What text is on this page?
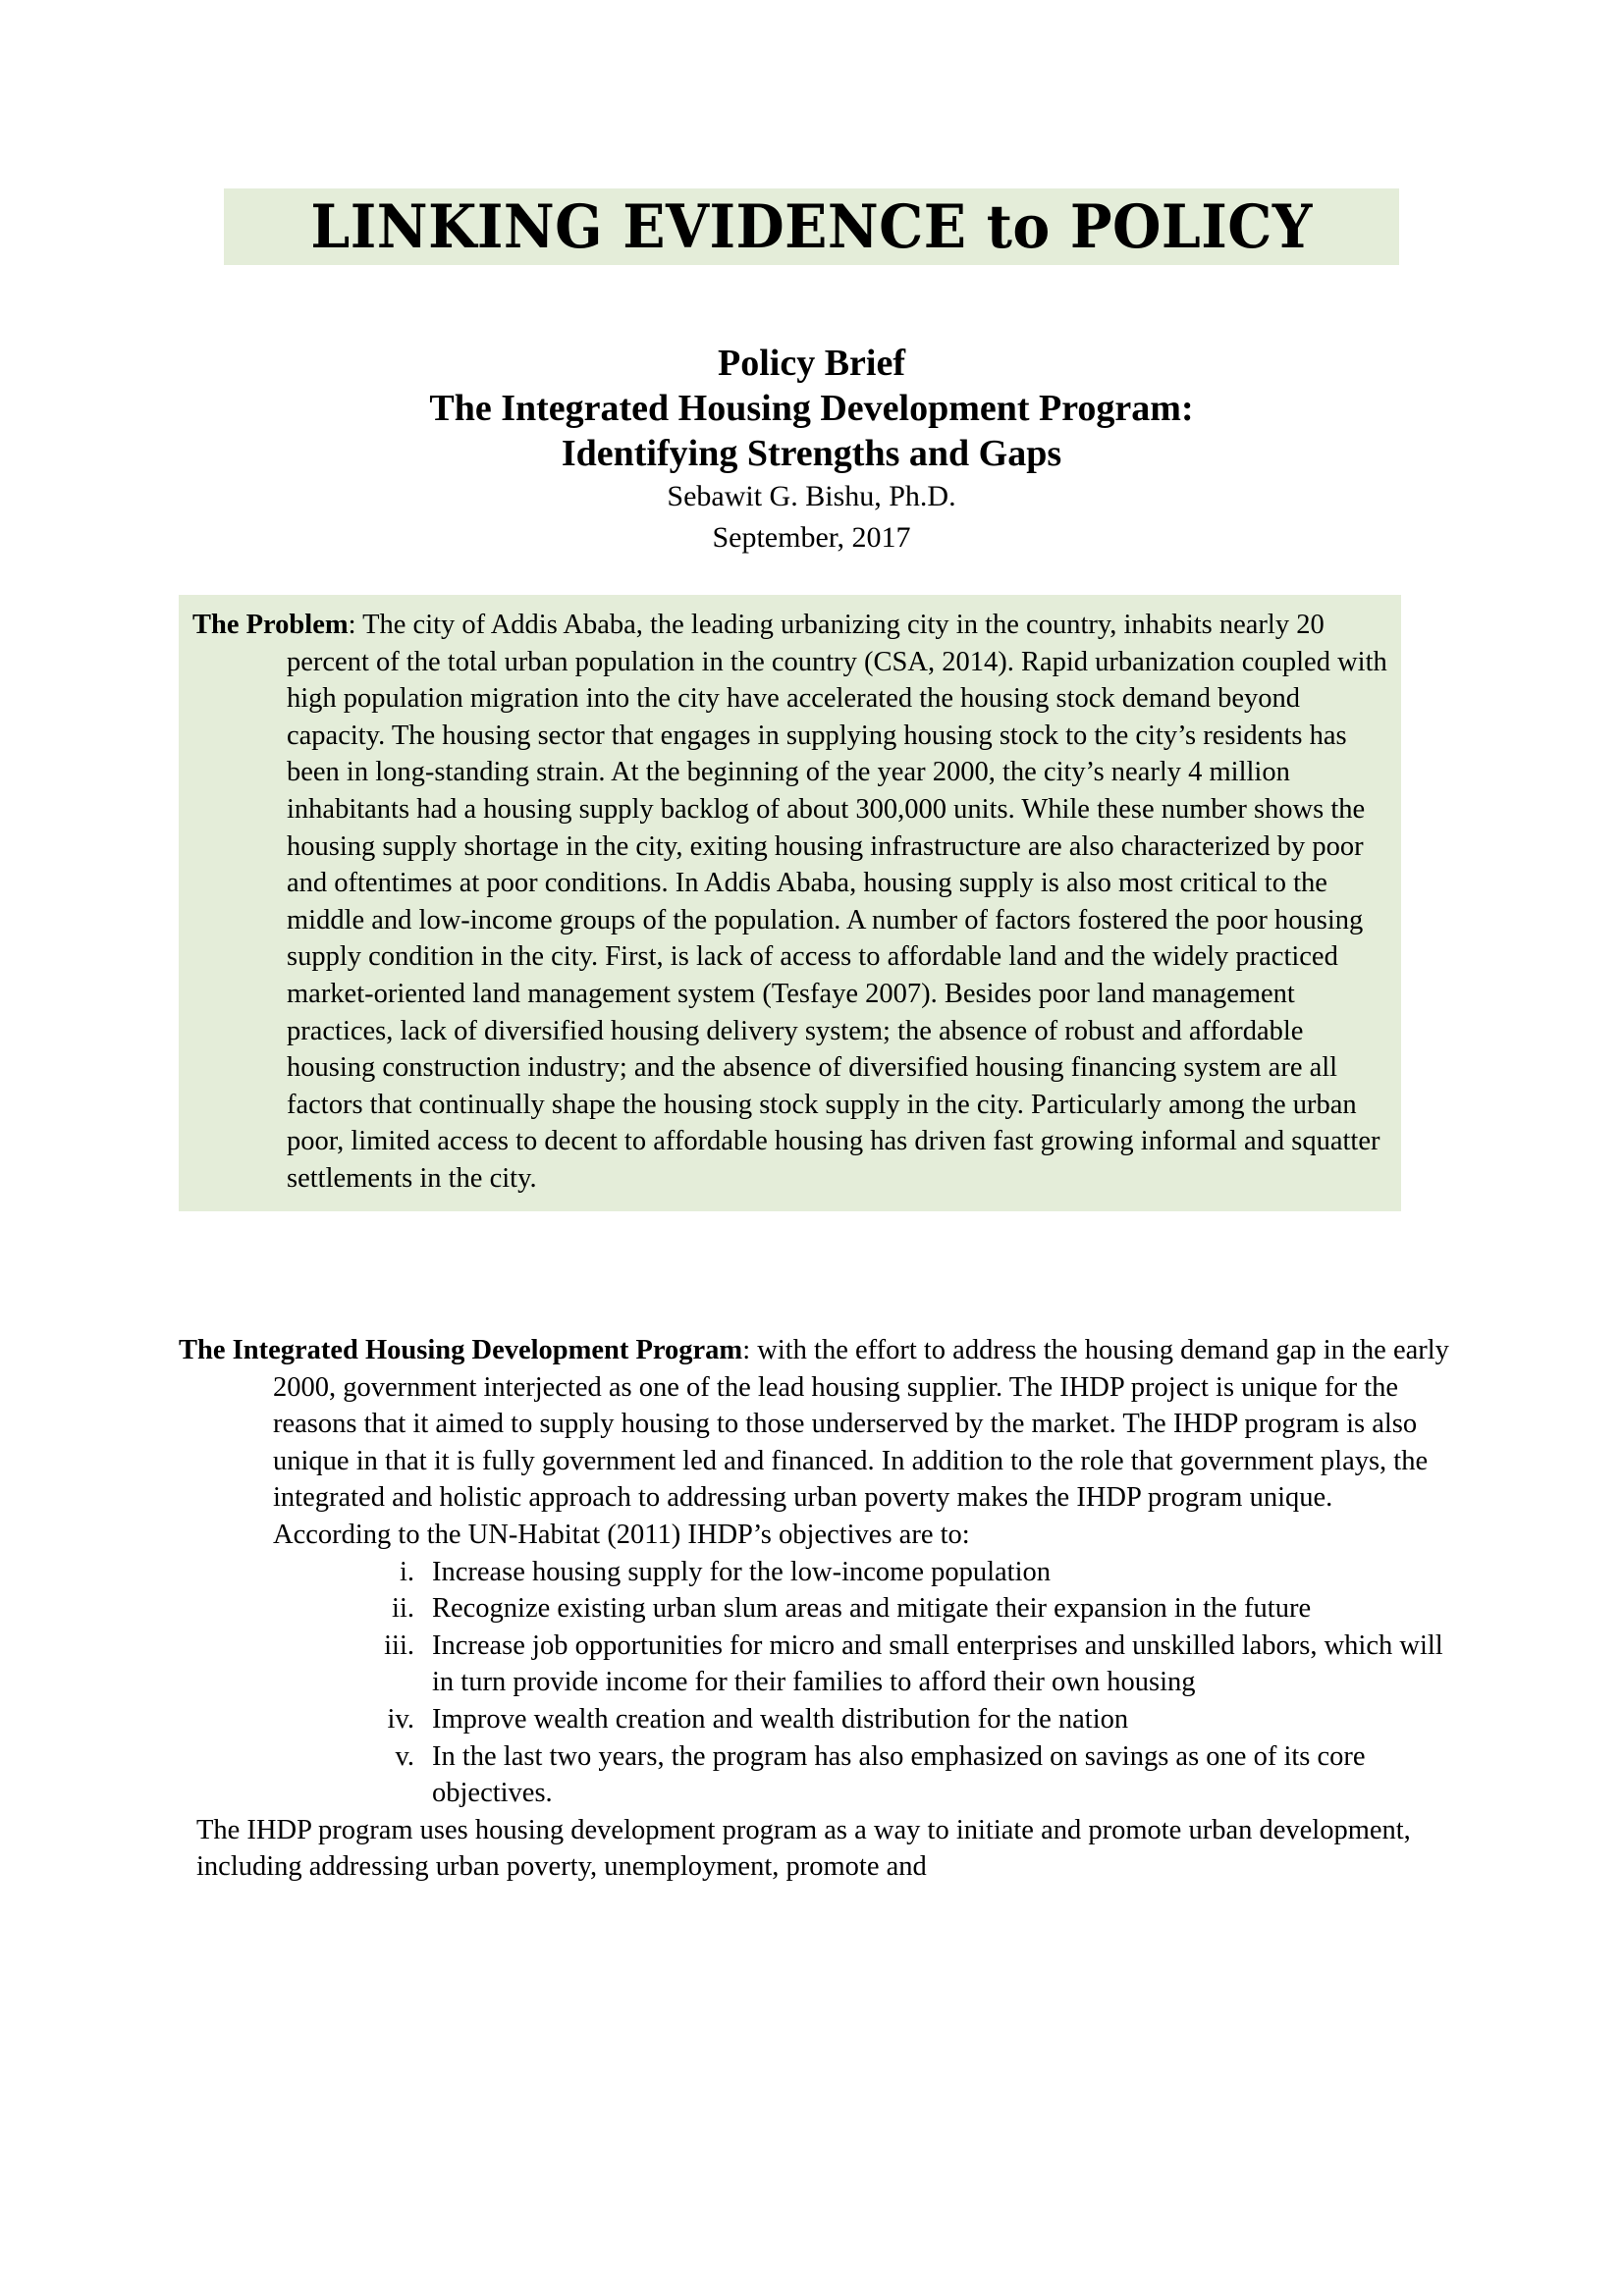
LINKING EVIDENCE to POLICY
Policy Brief
The Integrated Housing Development Program:
Identifying Strengths and Gaps
Sebawit G. Bishu, Ph.D.
September, 2017

The Problem: The city of Addis Ababa, the leading urbanizing city in the country, inhabits nearly 20 percent of the total urban population in the country (CSA, 2014). Rapid urbanization coupled with high population migration into the city have accelerated the housing stock demand beyond capacity. The housing sector that engages in supplying housing stock to the city’s residents has been in long-standing strain. At the beginning of the year 2000, the city’s nearly 4 million inhabitants had a housing supply backlog of about 300,000 units. While these number shows the housing supply shortage in the city, exiting housing infrastructure are also characterized by poor and oftentimes at poor conditions. In Addis Ababa, housing supply is also most critical to the middle and low-income groups of the population. A number of factors fostered the poor housing supply condition in the city. First, is lack of access to affordable land and the widely practiced market-oriented land management system (Tesfaye 2007). Besides poor land management practices, lack of diversified housing delivery system; the absence of robust and affordable housing construction industry; and the absence of diversified housing financing system are all factors that continually shape the housing stock supply in the city. Particularly among the urban poor, limited access to decent to affordable housing has driven fast growing informal and squatter settlements in the city.

The Integrated Housing Development Program: with the effort to address the housing demand gap in the early 2000, government interjected as one of the lead housing supplier. The IHDP project is unique for the reasons that it aimed to supply housing to those underserved by the market. The IHDP program is also unique in that it is fully government led and financed. In addition to the role that government plays, the integrated and holistic approach to addressing urban poverty makes the IHDP program unique. According to the UN-Habitat (2011) IHDP’s objectives are to:

i. Increase housing supply for the low-income population
ii. Recognize existing urban slum areas and mitigate their expansion in the future
iii. Increase job opportunities for micro and small enterprises and unskilled labors, which will in turn provide income for their families to afford their own housing
iv. Improve wealth creation and wealth distribution for the nation
v. In the last two years, the program has also emphasized on savings as one of its core objectives.

The IHDP program uses housing development program as a way to initiate and promote urban development, including addressing urban poverty, unemployment, promote and
